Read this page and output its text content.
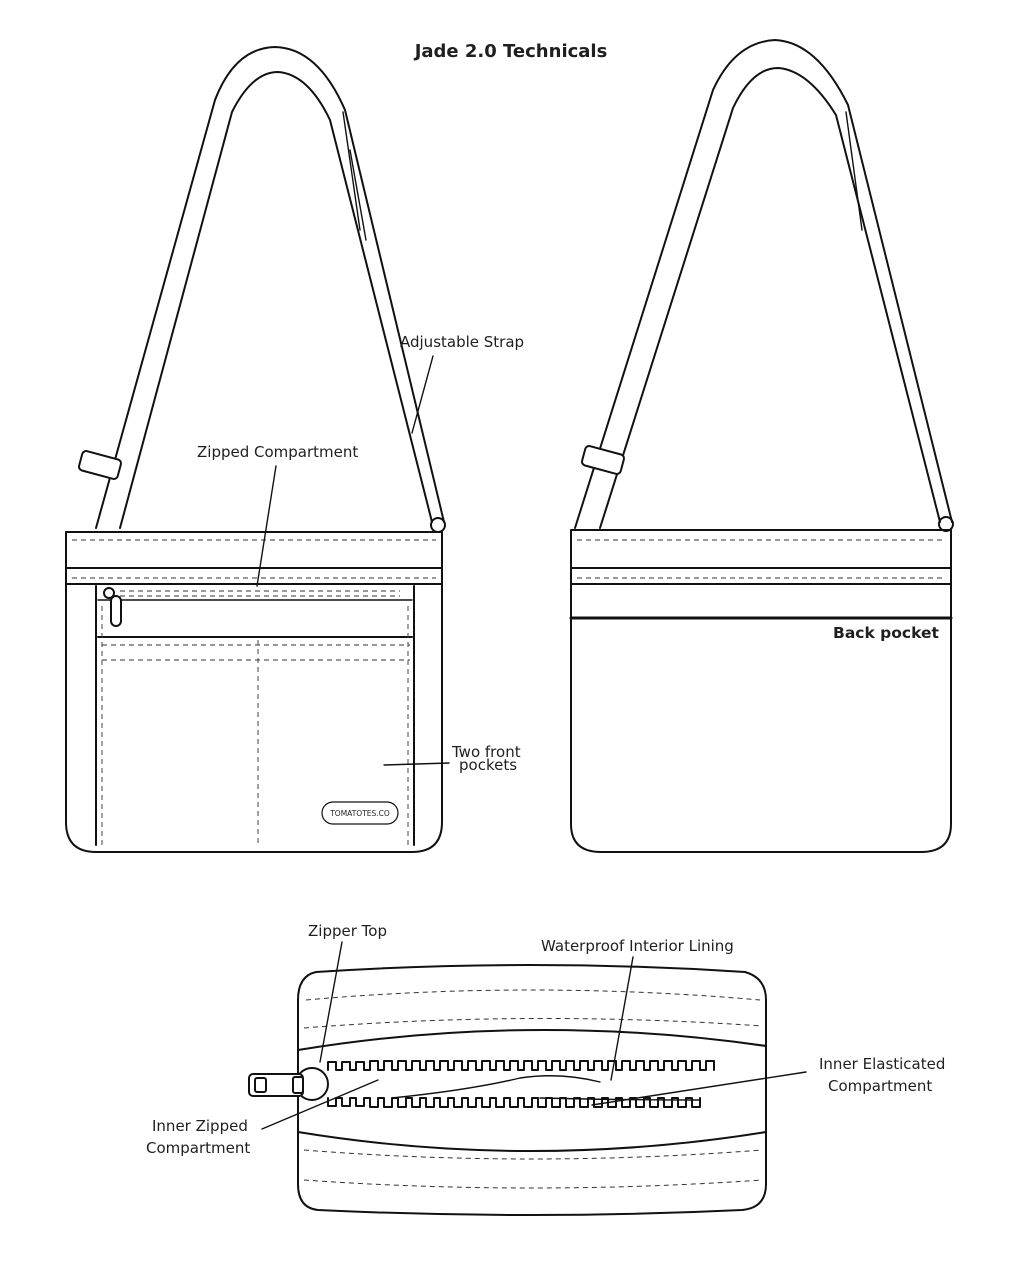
Jade 2.0 Technicals
TOMATOTES.CO
Adjustable Strap
Zipped Compartment
Two front
pockets
Back pocket
Zipper Top
Waterproof Interior Lining
Inner Elasticated
Compartment
Inner Zipped
Compartment
